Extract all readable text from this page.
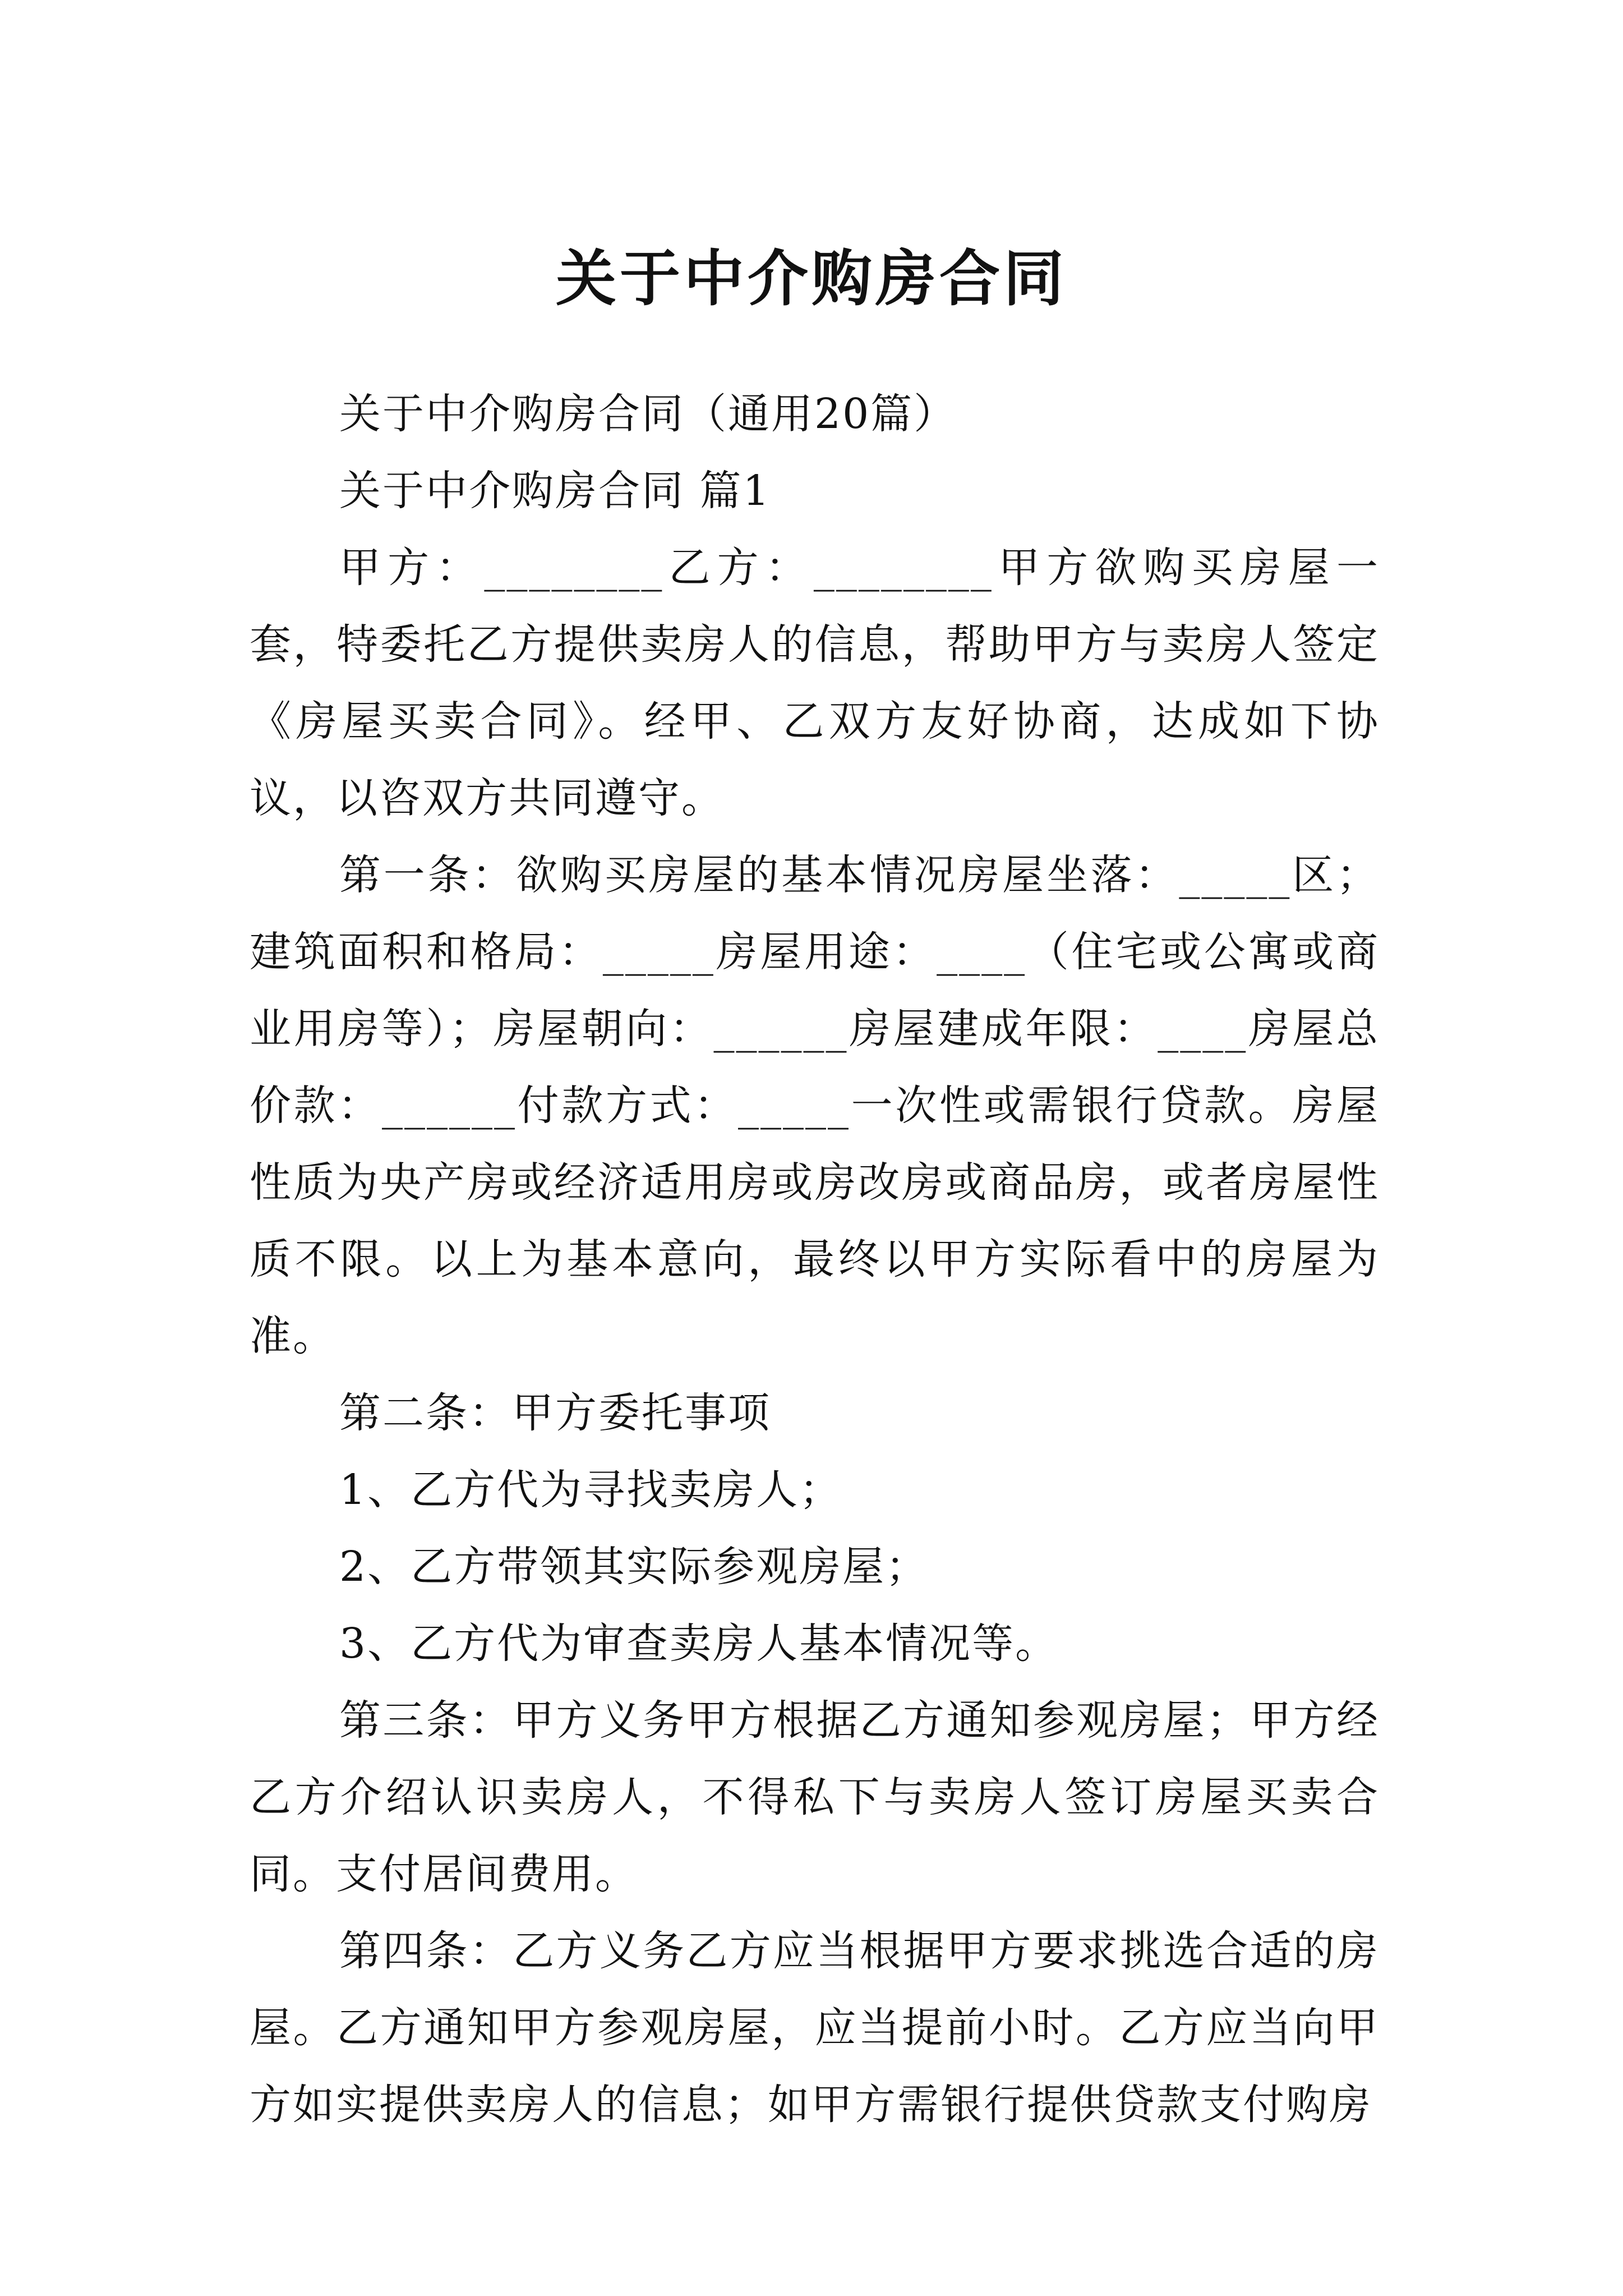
关于中介购房合同

关于中介购房合同（通用20篇）

关于中介购房合同 篇1

甲方：________乙方：________甲方欲购买房屋一套，特委托乙方提供卖房人的信息，帮助甲方与卖房人签定《房屋买卖合同》。经甲、乙双方友好协商，达成如下协议，以咨双方共同遵守。

第一条：欲购买房屋的基本情况房屋坐落：_____区；建筑面积和格局：_____房屋用途：____（住宅或公寓或商业用房等）；房屋朝向：______房屋建成年限：____房屋总价款：______付款方式：_____一次性或需银行贷款。房屋性质为央产房或经济适用房或房改房或商品房，或者房屋性质不限。以上为基本意向，最终以甲方实际看中的房屋为准。

第二条：甲方委托事项

1、乙方代为寻找卖房人；

2、乙方带领其实际参观房屋；

3、乙方代为审查卖房人基本情况等。

第三条：甲方义务甲方根据乙方通知参观房屋；甲方经乙方介绍认识卖房人，不得私下与卖房人签订房屋买卖合同。支付居间费用。

第四条：乙方义务乙方应当根据甲方要求挑选合适的房屋。乙方通知甲方参观房屋，应当提前小时。乙方应当向甲方如实提供卖房人的信息；如甲方需银行提供贷款支付购房
